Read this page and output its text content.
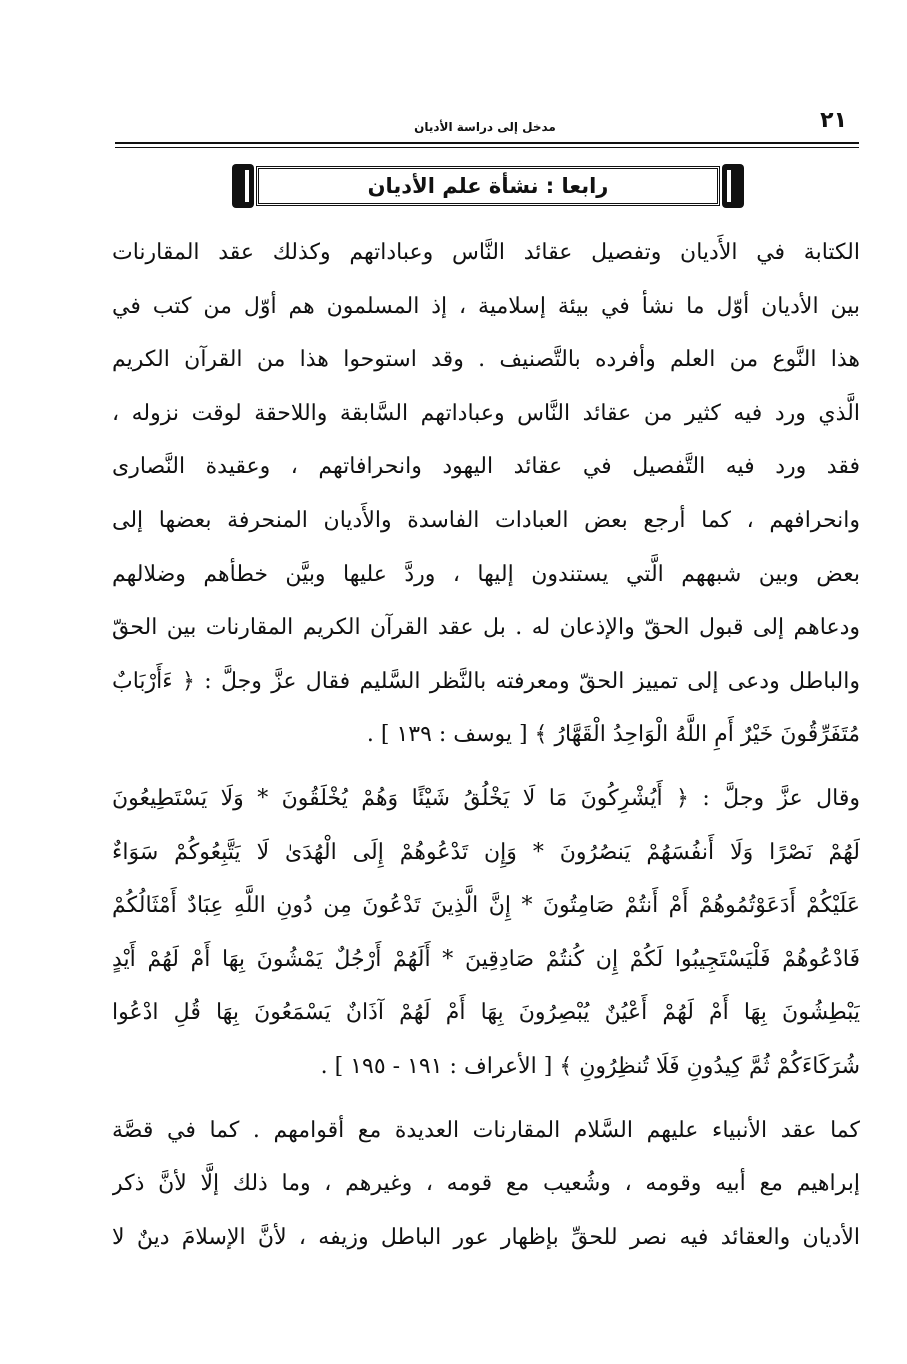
٢١
مدخل إلى دراسة الأديان
رابعا : نشأة علم الأديان
الكتابة في الأَديان وتفصيل عقائد النَّاس وعباداتهم وكذلك عقد المقارنات
بين الأديان أوّل ما نشأ في بيئة إسلامية ، إذ المسلمون هم أوّل من كتب في
هذا النَّوع من العلم وأفرده بالتَّصنيف . وقد استوحوا هذا من القرآن الكريم
الَّذي ورد فيه كثير من عقائد النَّاس وعباداتهم السَّابقة واللاحقة لوقت نزوله ،
فقد ورد فيه التَّفصيل في عقائد اليهود وانحرافاتهم ، وعقيدة النَّصارى
وانحرافهم ، كما أرجع بعض العبادات الفاسدة والأَديان المنحرفة بعضها إلى
بعض وبين شبههم الَّتي يستندون إليها ، وردَّ عليها وبيَّن خطأهم وضلالهم
ودعاهم إلى قبول الحقّ والإذعان له . بل عقد القرآن الكريم المقارنات بين الحقّ
والباطل ودعى إلى تمييز الحقّ ومعرفته بالنَّظر السَّليم فقال عزَّ وجلَّ : ﴿ ءَأَرْبَابٌ
مُتَفَرِّقُونَ خَيْرٌ أَمِ اللَّهُ الْوَاحِدُ الْقَهَّارُ ﴾ [ يوسف : ١٣٩ ] .
وقال عزَّ وجلَّ : ﴿ أَيُشْرِكُونَ مَا لَا يَخْلُقُ شَيْئًا وَهُمْ يُخْلَقُونَ * وَلَا يَسْتَطِيعُونَ
لَهُمْ نَصْرًا وَلَا أَنفُسَهُمْ يَنصُرُونَ * وَإِن تَدْعُوهُمْ إِلَى الْهُدَىٰ لَا يَتَّبِعُوكُمْ سَوَاءٌ
عَلَيْكُمْ أَدَعَوْتُمُوهُمْ أَمْ أَنتُمْ صَامِتُونَ * إِنَّ الَّذِينَ تَدْعُونَ مِن دُونِ اللَّهِ عِبَادٌ أَمْثَالُكُمْ
فَادْعُوهُمْ فَلْيَسْتَجِيبُوا لَكُمْ إِن كُنتُمْ صَادِقِينَ * أَلَهُمْ أَرْجُلٌ يَمْشُونَ بِهَا أَمْ لَهُمْ أَيْدٍ
يَبْطِشُونَ بِهَا أَمْ لَهُمْ أَعْيُنٌ يُبْصِرُونَ بِهَا أَمْ لَهُمْ آذَانٌ يَسْمَعُونَ بِهَا قُلِ ادْعُوا
شُرَكَاءَكُمْ ثُمَّ كِيدُونِ فَلَا تُنظِرُونِ ﴾ [ الأعراف : ١٩١ - ١٩٥ ] .
كما عقد الأنبياء عليهم السَّلام المقارنات العديدة مع أقوامهم . كما في قصَّة
إبراهيم مع أبيه وقومه ، وشُعيب مع قومه ، وغيرهم ، وما ذلك إلَّا لأنَّ ذكر
الأديان والعقائد فيه نصر للحقِّ بإظهار عور الباطل وزيفه ، لأنَّ الإسلامَ دينٌ لا
